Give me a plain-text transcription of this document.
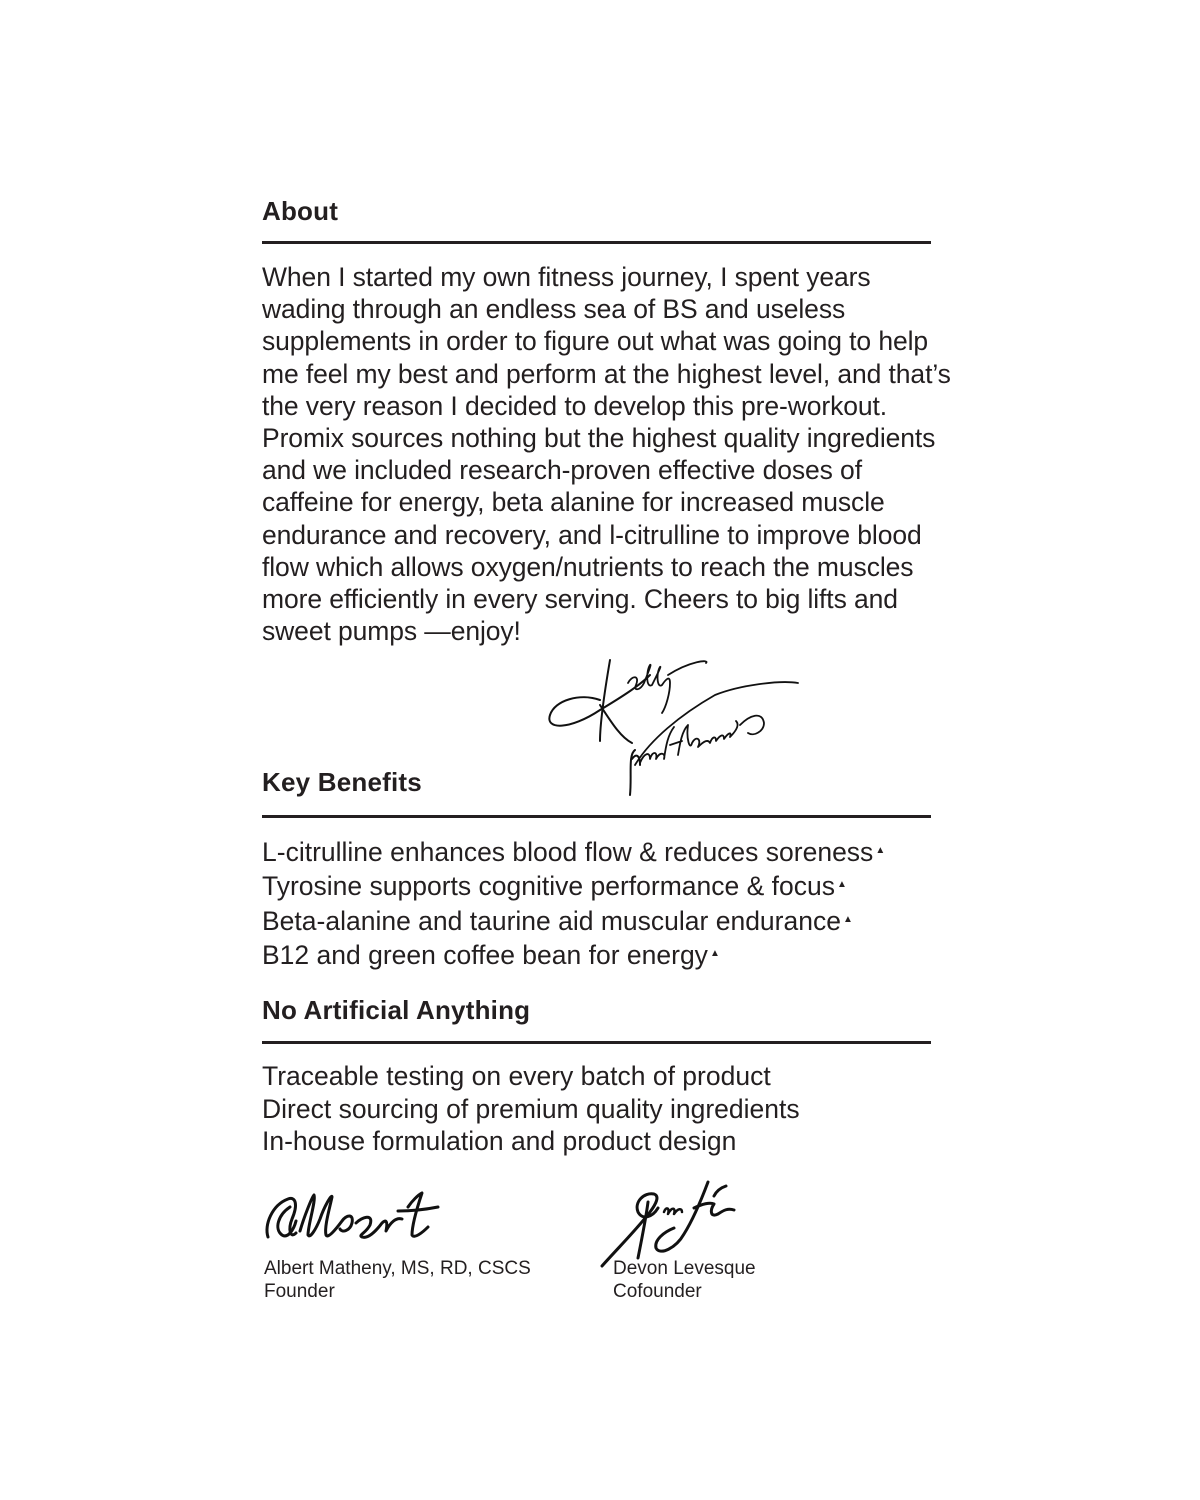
About

When I started my own fitness journey, I spent years wading through an endless sea of BS and useless supplements in order to figure out what was going to help me feel my best and perform at the highest level, and that’s the very reason I decided to develop this pre-workout. Promix sources nothing but the highest quality ingredients and we included research-proven effective doses of caffeine for energy, beta alanine for increased muscle endurance and recovery, and l-citrulline to improve blood flow which allows oxygen/nutrients to reach the muscles more efficiently in every serving. Cheers to big lifts and sweet pumps —enjoy!

Key Benefits
L-citrulline enhances blood flow & reduces soreness ▲
Tyrosine supports cognitive performance & focus ▲
Beta-alanine and taurine aid muscular endurance ▲
B12 and green coffee bean for energy ▲
No Artificial Anything
Traceable testing on every batch of product
Direct sourcing of premium quality ingredients
In-house formulation and product design
Albert Matheny, MS, RD, CSCS
Founder
Devon Levesque
Cofounder
